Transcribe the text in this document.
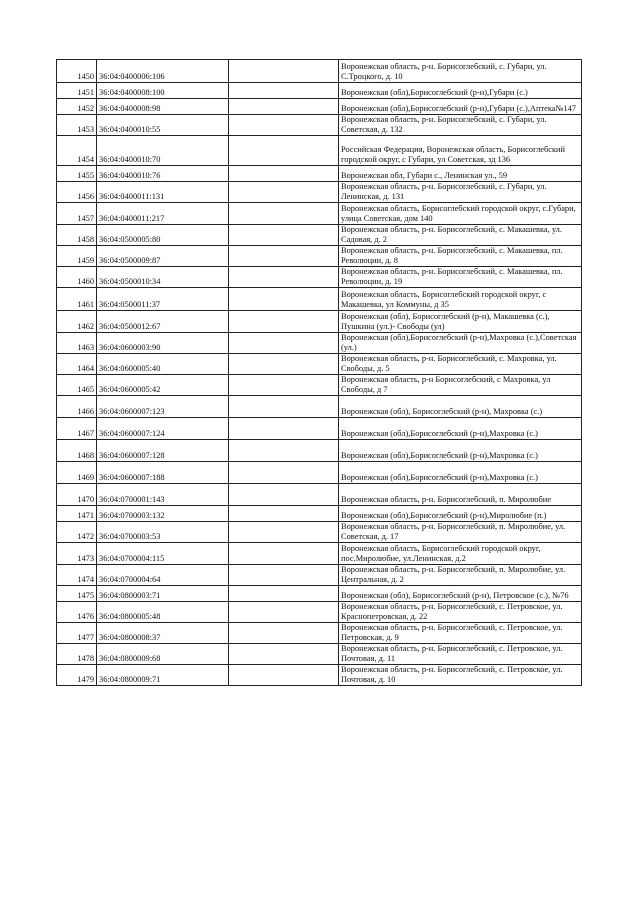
1450	36:04:0400006:106		Воронежская область, р-н. Борисоглебский, с. Губари, ул. С.Троцкого, д. 10
1451	36:04:0400008:100		Воронежская (обл),Борисоглебский (р-н),Губари (с.)
1452	36:04:0400008:98		Воронежская (обл),Борисоглебский (р-н),Губари (с.),Аптека№147
1453	36:04:0400010:55		Воронежская область, р-н. Борисоглебский, с. Губари, ул. Советская, д. 132
1454	36:04:0400010:70		Российская Федерация, Воронежская область, Борисоглебский городской округ, с Губари, ул Советская, зд 136
1455	36:04:0400010:76		Воронежская обл, Губари с., Ленинская ул., 59
1456	36:04:0400011:131		Воронежская область, р-н. Борисоглебский, с. Губари, ул. Ленинская, д. 131
1457	36:04:0400011:217		Воронежская область, Борисоглебский городской округ, с.Губари, улица Советская, дом 140
1458	36:04:0500005:80		Воронежская область, р-н. Борисоглебский, с. Макашевка, ул. Садовая, д. 2
1459	36:04:0500009:87		Воронежская область, р-н. Борисоглебский, с. Макашевка, пл. Революции, д. 8
1460	36:04:0500010:34		Воронежская область, р-н. Борисоглебский, с. Макашевка, пл. Революции, д. 19
1461	36:04:0500011:37		Воронежская область, Борисоглебский городской округ, с Макашевка, ул Коммуны, д 35
1462	36:04:0500012:67		Воронежская (обл), Борисоглебский (р-н), Макашевка (с.), Пушкина (ул.)- Свободы (ул)
1463	36:04:0600003:90		Воронежская (обл),Борисоглебский (р-н),Махровка (с.),Советская (ул.)
1464	36:04:0600005:40		Воронежская область, р-н. Борисоглебский, с. Махровка, ул. Свободы, д. 5
1465	36:04:0600005:42		Воронежская область, р-н Борисоглебский, с Махровка, ул Свободы, д 7
1466	36:04:0600007:123		Воронежская (обл), Борисоглебский (р-н), Махровка (с.)
1467	36:04:0600007:124		Воронежская (обл),Борисоглебский (р-н),Махровка (с.)
1468	36:04:0600007:128		Воронежская (обл),Борисоглебский (р-н),Махровка (с.)
1469	36:04:0600007:188		Воронежская (обл),Борисоглебский (р-н),Махровка (с.)
1470	36:04:0700001:143		Воронежская область, р-н. Борисоглебский, п. Миролюбие
1471	36:04:0700003:132		Воронежская (обл),Борисоглебский (р-н),Миролюбие (п.)
1472	36:04:0700003:53		Воронежская область, р-н. Борисоглебский, п. Миролюбие, ул. Советская, д. 17
1473	36:04:0700004:115		Воронежская область, Борисоглебский городской округ, пос.Миролюбие, ул.Ленинская, д.2
1474	36:04:0700004:64		Воронежская область, р-н. Борисоглебский, п. Миролюбие, ул. Центральная, д. 2
1475	36:04:0800003:71		Воронежская (обл), Борисоглебский (р-н), Петровское (с.), №76
1476	36:04:0800005:48		Воронежская область, р-н. Борисоглебский, с. Петровское, ул. Краснопетровская, д. 22
1477	36:04:0800008:37		Воронежская область, р-н. Борисоглебский, с. Петровское, ул. Петровская, д. 9
1478	36:04:0800009:68		Воронежская область, р-н. Борисоглебский, с. Петровское, ул. Почтовая, д. 11
1479	36:04:0800009:71		Воронежская область, р-н. Борисоглебский, с. Петровское, ул. Почтовая, д. 10
